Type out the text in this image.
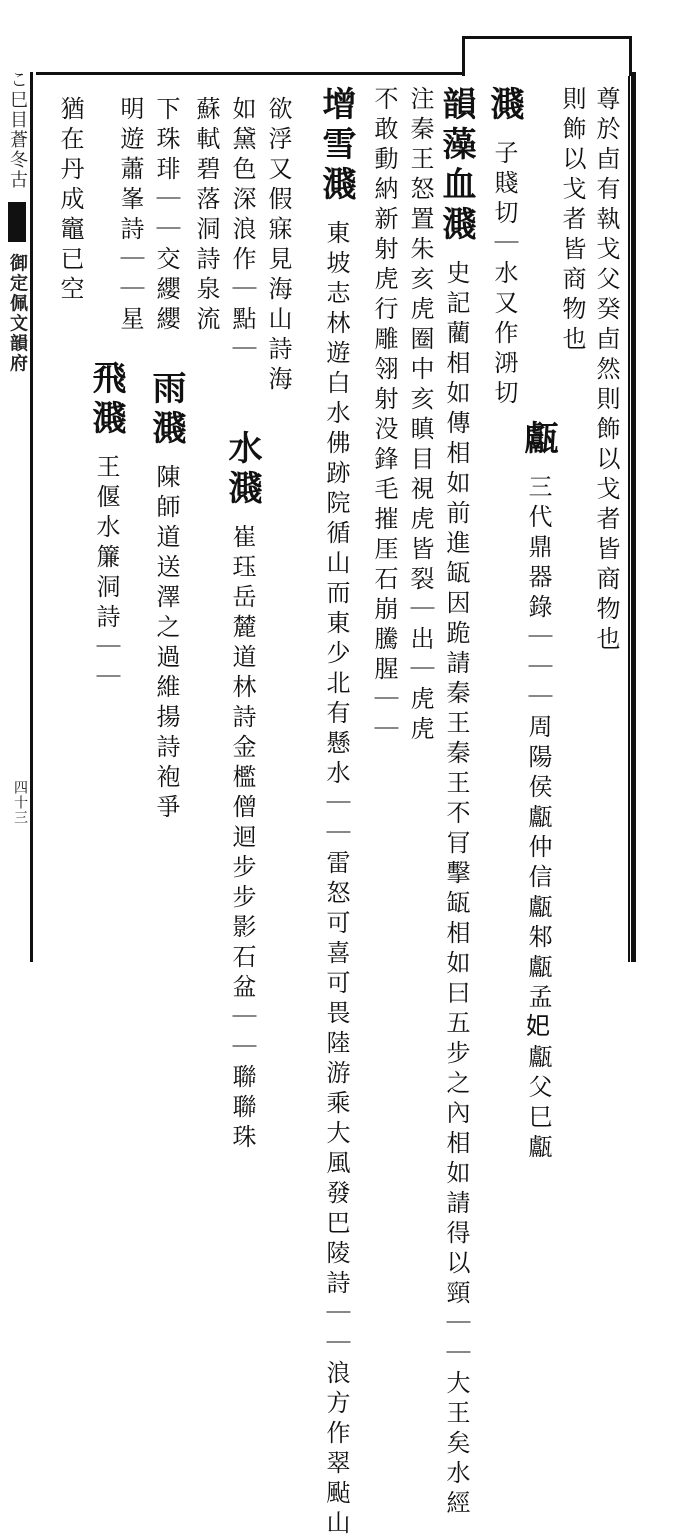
こ巳目蒼冬古  御定佩文韻府
四十三
尊於卣有執戈父癸卣然則飾以戈者皆商物也
則飾以戈者皆商物也
甗 三代鼎器錄｜｜｜周陽侯甗仲信甗邾甗孟𡚱甗父巳甗
濺 子賤切｜水又作㳩切
韻藻血濺 史記藺相如傳相如前進缻因跪請秦王秦王不肎擊缻相如曰五步之內相如請得以頸｜｜大王矣水經
注秦王怒置朱亥虎圈中亥瞋目視虎皆裂｜出｜虎虎
不敢動納新射虎行雕翎射没鋒毛摧厓石崩騰腥｜｜
增雪濺 東坡志林遊白水佛跡院循山而東少北有懸水｜｜雷怒可喜可畏陸游乘大風發巴陵詩｜｜浪方作翠颭山
欲浮又假寐見海山詩海
水濺 崔珏岳麓道林詩金檻僧迴步步影石盆｜｜聯聯珠
如黛色深浪作｜點｜
蘇軾碧落洞詩泉流
雨濺 陳師道送澤之過維揚詩袍爭
下珠琲｜｜交纓纓
明遊蕭峯詩｜｜星
飛濺 王偃水簾洞詩｜｜
猶在丹成竈已空
